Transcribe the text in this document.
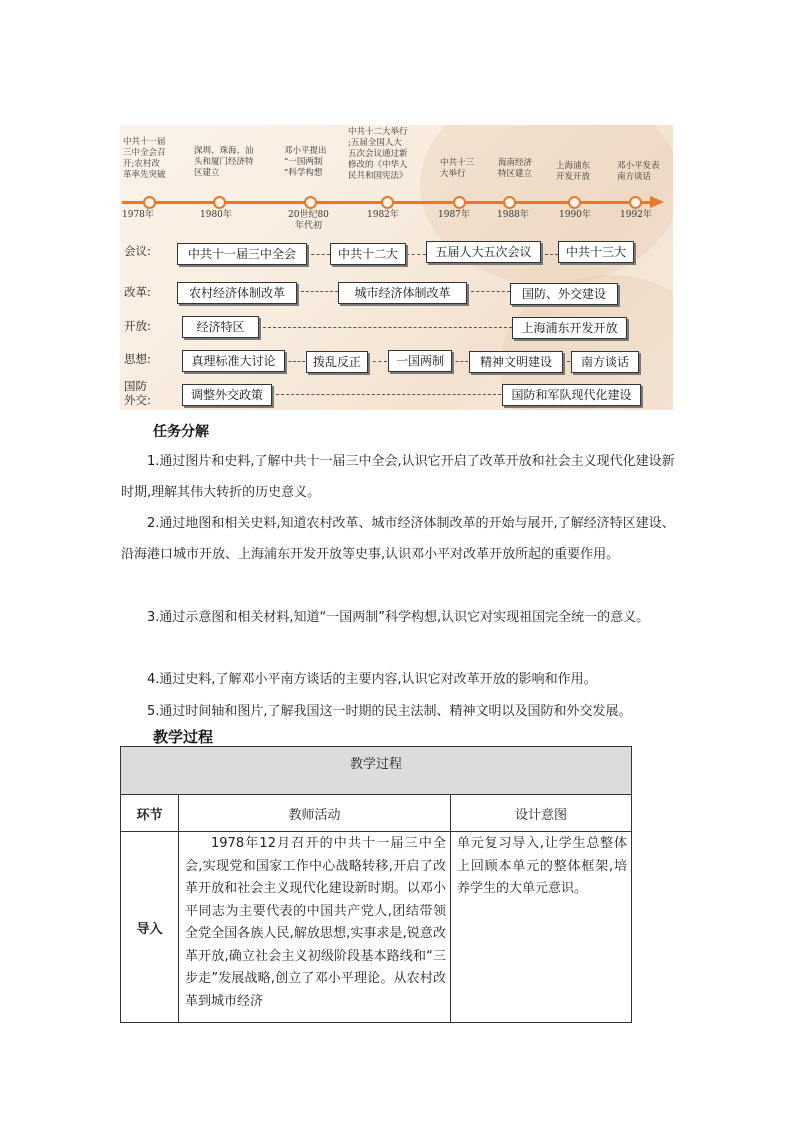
中共十一届
三中全会召
开;农村改
革率先突破

深圳、珠海、汕
头和厦门经济特
区建立

邓小平提出
“一国两制
”科学构想

中共十二大举行
;五届全国人大
五次会议通过新
修改的《中华人
民共和国宪法》

中共十三
大举行

海南经济
特区建立

上海浦东
开发开放

邓小平发表
南方谈话

1978年	1980年	20世纪80
年代初
1982年	1987年	1988年	1990年	1992年
会议:	中共十一届三中全会	中共十二大	五届人大五次会议	中共十三大
改革:	农村经济体制改革	城市经济体制改革	国防、外交建设
开放:	经济特区	上海浦东开发开放
思想:	真理标准大讨论	拨乱反正	一国两制	精神文明建设	南方谈话
国防
外交:	调整外交政策	国防和军队现代化建设
任务分解

1.通过图片和史料,了解中共十一届三中全会,认识它开启了改革开放和社会主义现代化建设新时期,理解其伟大转折的历史意义。

2.通过地图和相关史料,知道农村改革、城市经济体制改革的开始与展开,了解经济特区建设、沿海港口城市开放、上海浦东开发开放等史事,认识邓小平对改革开放所起的重要作用。

3.通过示意图和相关材料,知道“一国两制”科学构想,认识它对实现祖国完全统一的意义。

4.通过史料,了解邓小平南方谈话的主要内容,认识它对改革开放的影响和作用。

5.通过时间轴和图片,了解我国这一时期的民主法制、精神文明以及国防和外交发展。

教学过程
教学过程		
环节	教师活动	设计意图
导入	1978年12月召开的中共十一届三中全会,实现党和国家工作中心战略转移,开启了改革开放和社会主义现代化建设新时期。以邓小平同志为主要代表的中国共产党人,团结带领全党全国各族人民,解放思想,实事求是,锐意改革开放,确立社会主义初级阶段基本路线和“三步走”发展战略,创立了邓小平理论。从农村改革到城市经济	单元复习导入,让学生总整体上回顾本单元的整体框架,培养学生的大单元意识。
